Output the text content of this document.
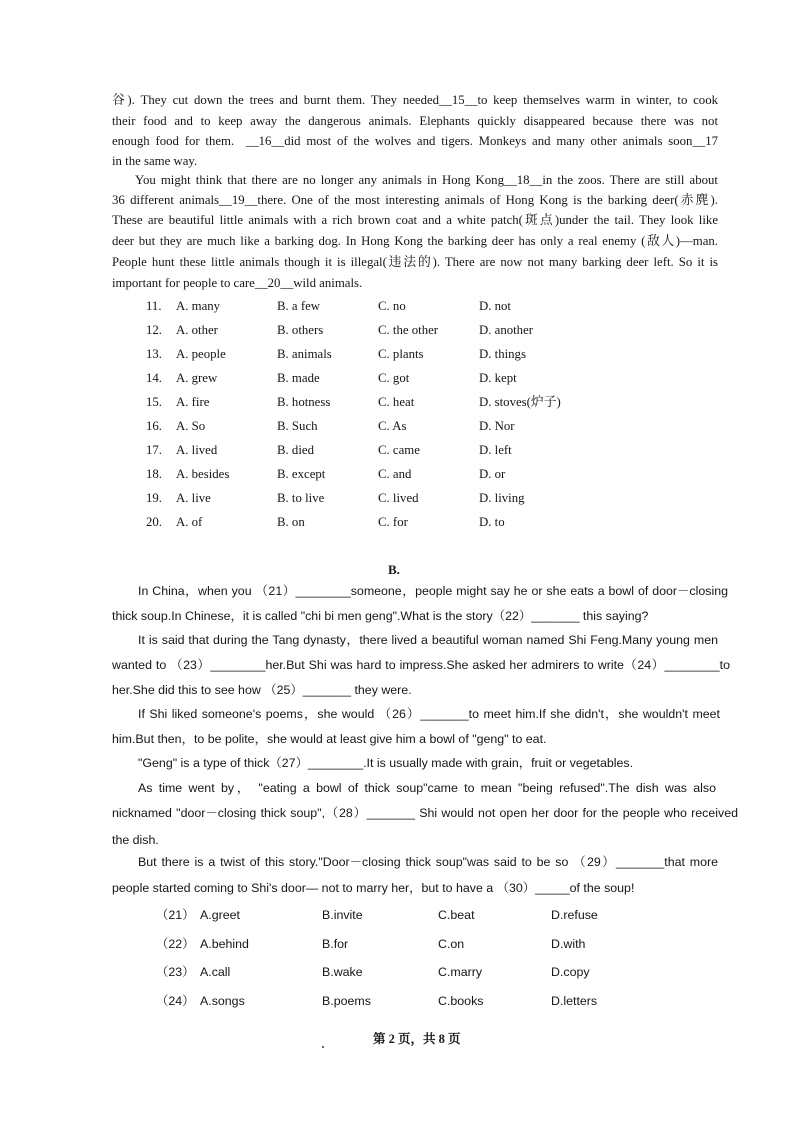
谷). They cut down the trees and burnt them. They needed__15__to keep themselves warm in winter, to cook
their food and to keep away the dangerous animals. Elephants quickly disappeared because there was not
enough food for them.  __16__did most of the wolves and tigers. Monkeys and many other animals soon__17
in the same way.
You might think that there are no longer any animals in Hong Kong__18__in the zoos. There are still about
36 different animals__19__there. One of the most interesting animals of Hong Kong is the barking deer(赤麂).
These are beautiful little animals with a rich brown coat and a white patch(斑点)under the tail. They look like
deer but they are much like a barking dog. In Hong Kong the barking deer has only a real enemy (敌人)—man.
People hunt these little animals though it is illegal(违法的). There are now not many barking deer left. So it is
important for people to care__20__wild animals.
11. A. many	B. a few	C. no	D. not
12. A. other	B. others	C. the other	D. another
13. A. people	B. animals	C. plants	D. things
14. A. grew	B. made	C. got	D. kept
15. A. fire	B. hotness	C. heat	D. stoves(炉子)
16. A. So	B. Such	C. As	D. Nor
17. A. lived	B. died	C. came	D. left
18. A. besides	B. except	C. and	D. or
19. A. live	B. to live	C. lived	D. living
20. A. of	B. on	C. for	D. to
B.
In China，when you （21）________someone，people might say he or she eats a bowl of door－closing
thick soup.In Chinese，it is called "chi bi men geng".What is the story（22）_______ this saying?
It is said that during the Tang dynasty，there lived a beautiful woman named Shi Feng.Many young men
wanted to （23）________her.But Shi was hard to impress.She asked her admirers to write（24）________to
her.She did this to see how （25）_______ they were.
If Shi liked someone's poems，she would （26）_______to meet him.If she didn't，she wouldn't meet
him.But then，to be polite，she would at least give him a bowl of "geng" to eat.
"Geng" is a type of thick（27）________.It is usually made with grain，fruit or vegetables.
As time went by， "eating a bowl of thick soup"came to mean "being refused".The dish was also
nicknamed "door－closing thick soup",（28）_______ Shi would not open her door for the people who received
the dish.
But there is a twist of this story."Door－closing thick soup"was said to be so （29）_______that more
people started coming to Shi's door— not to marry her，but to have a （30）_____of the soup!
（21） A.greet	B.invite	C.beat	D.refuse
（22） A.behind	B.for	C.on	D.with
（23） A.call	B.wake	C.marry	D.copy
（24） A.songs	B.poems	C.books	D.letters
第 2 页，共 8 页
